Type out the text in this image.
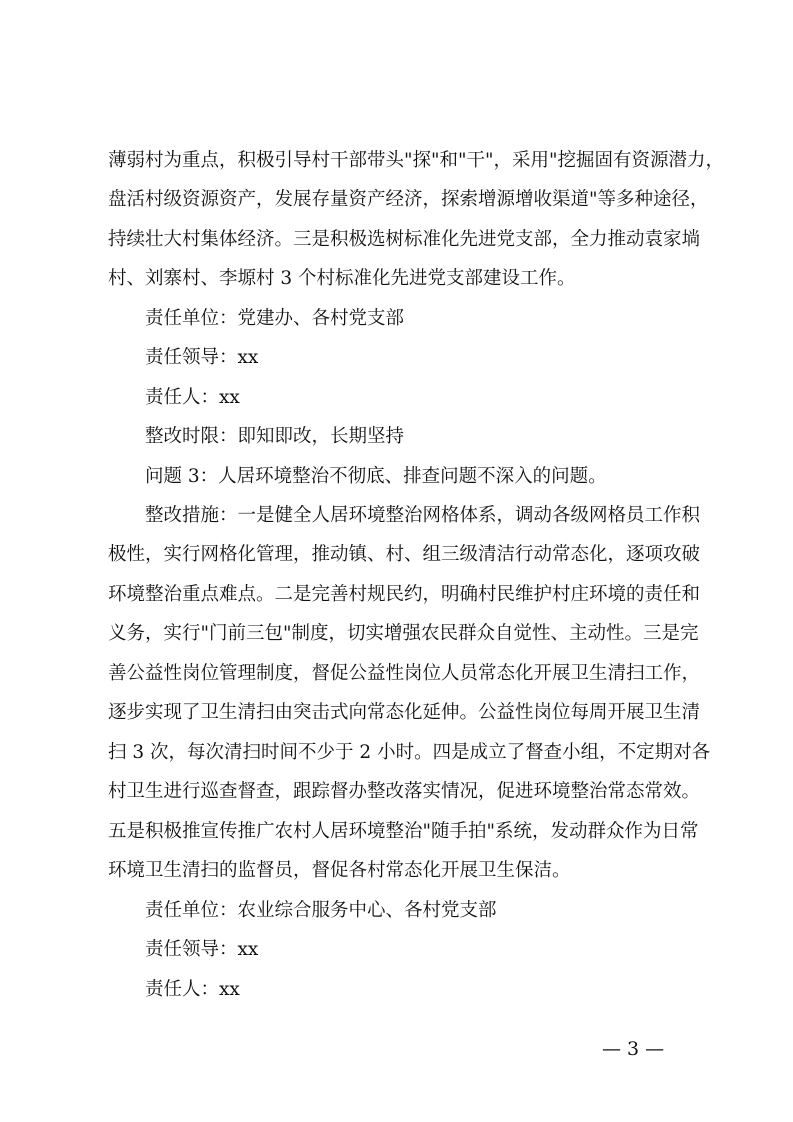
薄弱村为重点，积极引导村干部带头"探"和"干"，采用"挖掘固有资源潜力，
盘活村级资源资产，发展存量资产经济，探索增源增收渠道"等多种途径，
持续壮大村集体经济。三是积极选树标准化先进党支部，全力推动袁家埫
村、刘寨村、李塬村 3 个村标准化先进党支部建设工作。
责任单位：党建办、各村党支部
责任领导：xx
责任人：xx
整改时限：即知即改，长期坚持
问题 3：人居环境整治不彻底、排查问题不深入的问题。
整改措施：一是健全人居环境整治网格体系，调动各级网格员工作积
极性，实行网格化管理，推动镇、村、组三级清洁行动常态化，逐项攻破
环境整治重点难点。二是完善村规民约，明确村民维护村庄环境的责任和
义务，实行"门前三包"制度，切实增强农民群众自觉性、主动性。三是完
善公益性岗位管理制度，督促公益性岗位人员常态化开展卫生清扫工作，
逐步实现了卫生清扫由突击式向常态化延伸。公益性岗位每周开展卫生清
扫 3 次，每次清扫时间不少于 2 小时。四是成立了督查小组，不定期对各
村卫生进行巡查督查，跟踪督办整改落实情况，促进环境整治常态常效。
五是积极推宣传推广农村人居环境整治"随手拍"系统，发动群众作为日常
环境卫生清扫的监督员，督促各村常态化开展卫生保洁。
责任单位：农业综合服务中心、各村党支部
责任领导：xx
责任人：xx
— 3 —
